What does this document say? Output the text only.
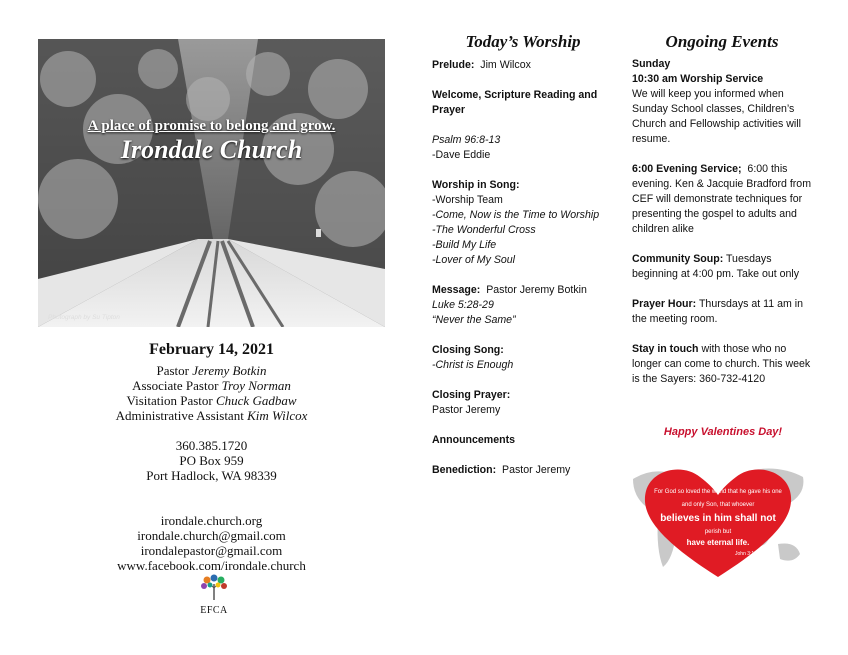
A place of promise to belong and grow.
Irondale Church
Photograph by Su Tipton
February 14, 2021
Pastor Jeremy Botkin
Associate Pastor Troy Norman
Visitation Pastor Chuck Gadbaw
Administrative Assistant Kim Wilcox
360.385.1720
PO Box 959
Port Hadlock, WA 98339
irondale.church.org
irondale.church@gmail.com
irondalepastor@gmail.com
www.facebook.com/irondale.church
EFCA
Today’s Worship
Prelude: Jim Wilcox
Welcome, Scripture Reading and Prayer
Psalm 96:8-13
-Dave Eddie
Worship in Song:
-Worship Team
-Come, Now is the Time to Worship
-The Wonderful Cross
-Build My Life
-Lover of My Soul
Message: Pastor Jeremy Botkin
Luke 5:28-29
“Never the Same”
Closing Song:
-Christ is Enough
Closing Prayer:
Pastor Jeremy
Announcements
Benediction: Pastor Jeremy
Ongoing Events
Sunday
10:30 am Worship Service
We will keep you informed when Sunday School classes, Children’s Church and Fellowship activities will resume.
6:00 Evening Service; 6:00 this evening. Ken & Jacquie Bradford from CEF will demonstrate techniques for presenting the gospel to adults and children alike
Community Soup: Tuesdays beginning at 4:00 pm. Take out only
Prayer Hour: Thursdays at 11 am in the meeting room.
Stay in touch with those who no longer can come to church. This week is the Sayers: 360-732-4120
Happy Valentines Day!
For God so loved the world that he gave his one
and only Son, that whoever
believes in him shall not
perish but
have eternal life.
John 3:16
